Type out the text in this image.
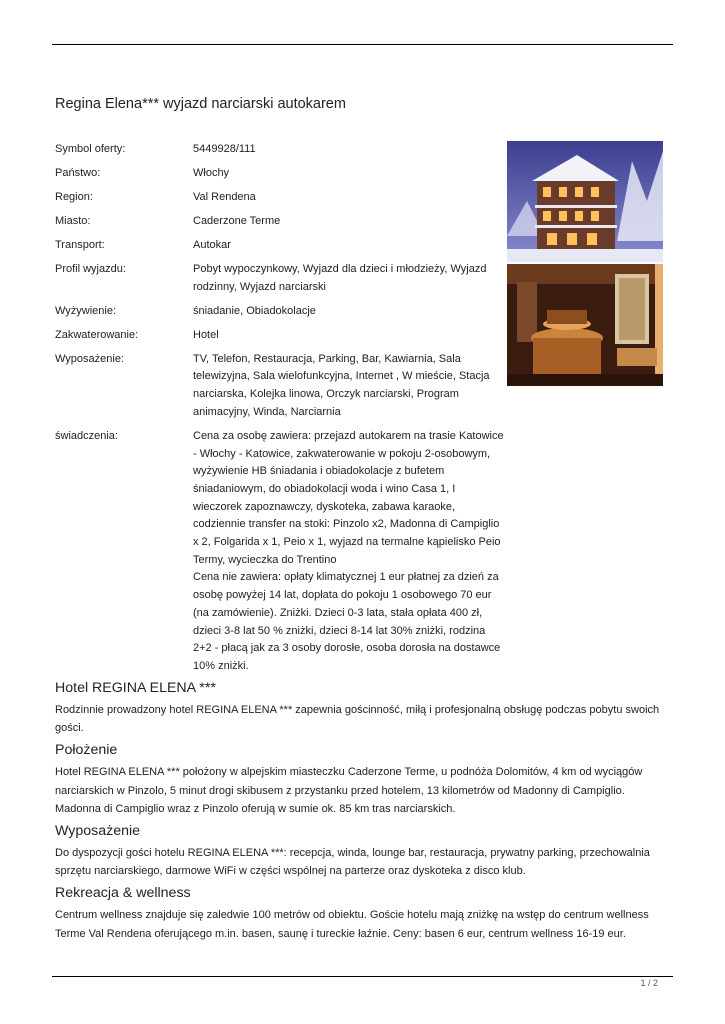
Regina Elena*** wyjazd narciarski autokarem
Symbol oferty:	5449928/111
Państwo:	Włochy
Region:	Val Rendena
Miasto:	Caderzone Terme
Transport:	Autokar
Profil wyjazdu:	Pobyt wypoczynkowy, Wyjazd dla dzieci i młodzieży, Wyjazd rodzinny, Wyjazd narciarski
Wyżywienie:	śniadanie, Obiadokolacje
Zakwaterowanie:	Hotel
Wyposażenie:	TV, Telefon, Restauracja, Parking, Bar, Kawiarnia, Sala telewizyjna, Sala wielofunkcyjna, Internet , W mieście, Stacja narciarska, Kolejka linowa, Orczyk narciarski, Program animacyjny, Winda, Narciarnia
świadczenia:	Cena za osobę zawiera: przejazd autokarem na trasie Katowice - Włochy - Katowice, zakwaterowanie w pokoju 2-osobowym, wyżywienie HB śniadania i obiadokolacje z bufetem śniadaniowym, do obiadokolacji woda i wino Casa 1, I wieczorek zapoznawczy, dyskoteka, zabawa karaoke, codziennie transfer na stoki: Pinzolo x2, Madonna di Campiglio x 2, Folgarida x 1, Peio x 1, wyjazd na termalne kąpielisko Peio Termy, wycieczka do Trentino
Cena nie zawiera: opłaty klimatycznej 1 eur płatnej za dzień za osobę powyżej 14 lat, dopłata do pokoju 1 osobowego 70 eur (na zamówienie). Zniżki. Dzieci 0-3 lata, stała opłata 400 zł, dzieci 3-8 lat 50 % zniżki, dzieci 8-14 lat 30% zniżki, rodzina 2+2 - płacą jak za 3 osoby dorosłe, osoba dorosła na dostawce 10% zniżki.
Hotel REGINA ELENA ***

Rodzinnie prowadzony hotel REGINA ELENA *** zapewnia gościnność, miłą i profesjonalną obsługę podczas pobytu swoich gości.

Położenie

Hotel REGINA ELENA *** położony w alpejskim miasteczku Caderzone Terme, u podnóża Dolomitów, 4 km od wyciągów narciarskich w Pinzolo, 5 minut drogi skibusem z przystanku przed hotelem, 13 kilometrów od Madonny di Campiglio. Madonna di Campiglio wraz z Pinzolo oferują w sumie ok. 85 km tras narciarskich.

Wyposażenie

Do dyspozycji gości hotelu REGINA ELENA ***: recepcja, winda, lounge bar, restauracja, prywatny parking, przechowalnia sprzętu narciarskiego, darmowe WiFi w części wspólnej na parterze oraz dyskoteka z disco klub.

Rekreacja & wellness

Centrum wellness znajduje się zaledwie 100 metrów od obiektu. Goście hotelu mają zniżkę na wstęp do centrum wellness Terme Val Rendena oferującego m.in. basen, saunę i tureckie łaźnie. Ceny: basen 6 eur, centrum wellness 16-19 eur.

1 / 2
